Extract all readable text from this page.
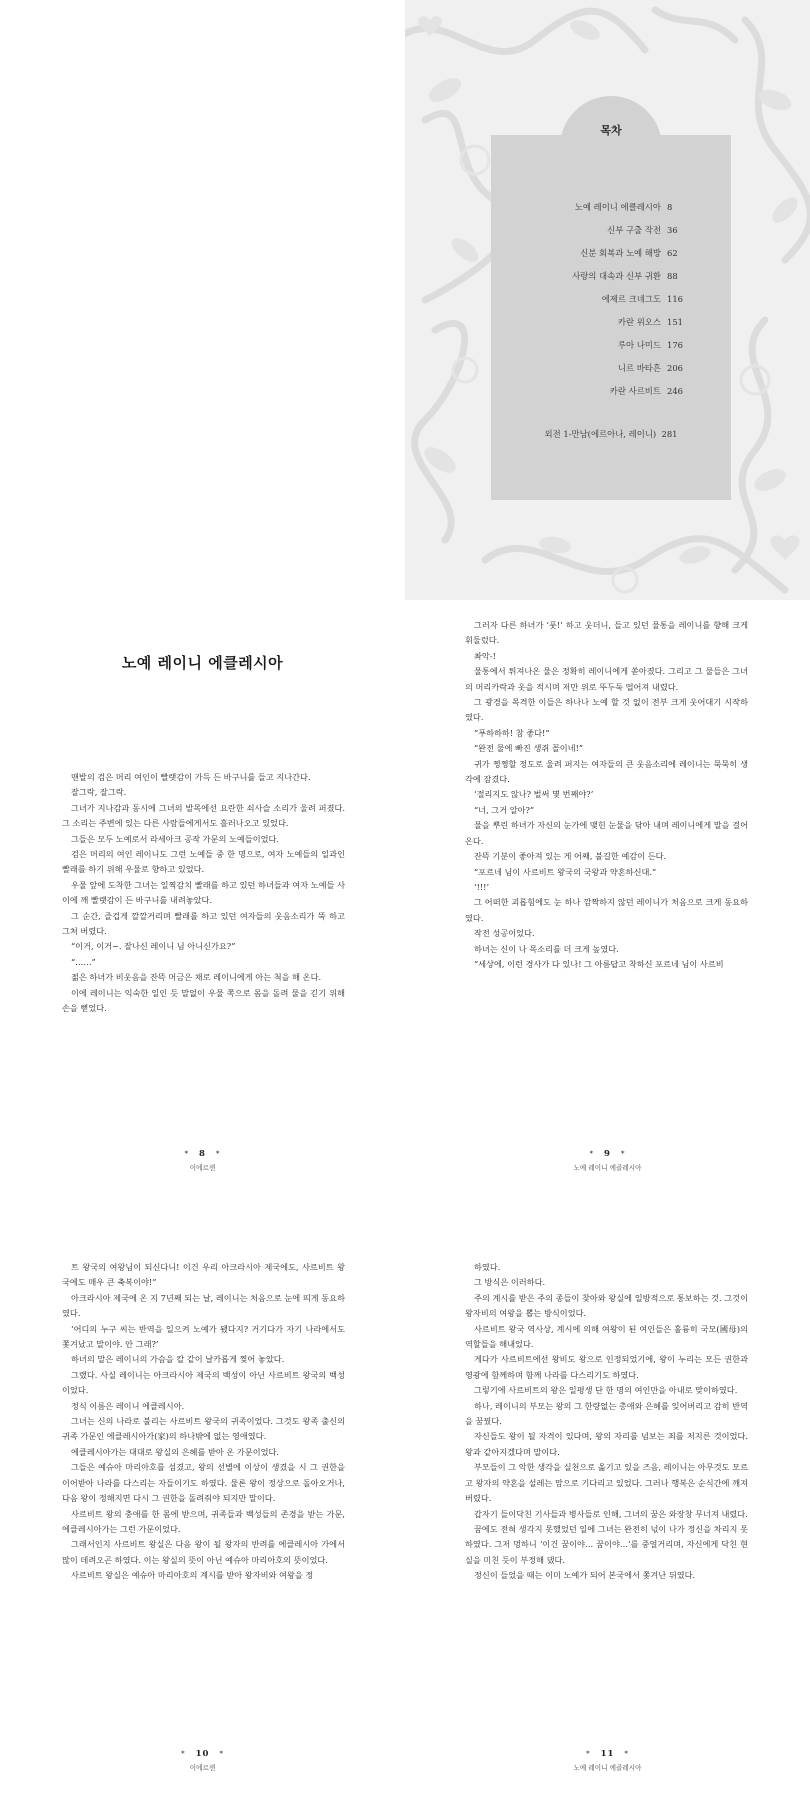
목차
노예 레이니 에클레시아 8
신부 구출 작전 36
신분 회복과 노예 해방 62
사랑의 대속과 신부 귀환 88
에제르 크네그도 116
카란 위오스 151
루아 나미드 176
니르 바타흔 206
카란 사르비트 246
외전 1-만남(에르아나, 레이니) 281
노예 레이니 에클레시아

맨발의 검은 머리 여인이 빨랫감이 가득 든 바구니를 들고 지나간다.

잘그락, 잘그락.

그녀가 지나감과 동시에 그녀의 발목에선 요란한 쇠사슬 소리가 울려 퍼졌다. 그 소리는 주변에 있는 다른 사람들에게서도 흘러나오고 있었다.

그들은 모두 노예로서 라세아크 공작 가문의 노예들이었다.

검은 머리의 여인 레이니도 그런 노예들 중 한 명으로, 여자 노예들의 일과인 빨래를 하기 위해 우물로 향하고 있었다.

우물 앞에 도착한 그녀는 일찍감치 빨래를 하고 있던 하녀들과 여자 노예들 사이에 깨 빨랫감이 든 바구니를 내려놓았다.

그 순간, 즐겁게 깔깔거리며 빨래를 하고 있던 여자들의 웃음소리가 뚝 하고 그쳐 버렸다.

“이거, 이거~. 잘나신 레이니 님 아니신가요?”

“……”

젊은 하녀가 비웃음을 잔뜩 머금은 채로 레이니에게 아는 척을 해 온다.

이에 레이니는 익숙한 일인 듯 말없이 우물 쪽으로 몸을 돌려 물을 긷기 위해 손을 뻗었다.

* 8 *
이에르샌

그러자 다른 하녀가 ‘풋!’ 하고 웃더니, 들고 있던 물통을 레이니를 향해 크게 휘둘렀다.

촤악-!

물통에서 튀져나온 물은 정확히 레이니에게 쏟아졌다. 그리고 그 물들은 그녀의 머리카락과 옷을 적시며 저만 위로 뚜두둑 떨어져 내렸다.

그 광경을 목격한 이들은 하나나 노예 할 것 없이 전부 크게 웃어대기 시작하였다.

“푸하하하! 참 좋다!”

“완전 물에 빠진 생쥐 꼴이네!”

귀가 쩡쩡할 정도로 울려 퍼지는 여자들의 큰 웃음소리에 레이니는 묵묵히 생각에 잠겼다.

‘절리지도 않나? 벌써 몇 번째야?’

“너, 그거 알아?”

물을 뿌린 하녀가 자신의 눈가에 맺힌 눈물을 닦아 내며 레이니에게 말을 걸어온다.

잔뜩 기분이 좋아져 있는 게 어째, 불길한 예감이 든다.

“포르네 님이 사르비트 왕국의 국왕과 약혼하신대.”

‘!!!’

그 어떠한 괴롭힘에도 눈 하나 깜짝하지 않던 레이니가 처음으로 크게 동요하였다.

작전 성공이었다.

하녀는 신이 나 목소리를 더 크게 높였다.

“세상에, 이런 경사가 다 있나! 그 아름답고 착하신 포르네 님이 사르비

* 9 *
노예 레이니 에클레시아

트 왕국의 여왕님이 되신다니! 이건 우리 아크라시아 제국에도, 사르비트 왕국에도 매우 큰 축복이야!”

아크라시아 제국에 온 지 7년째 되는 날, 레이니는 처음으로 눈에 띄게 동요하였다.

‘어디의 누구 씨는 반역을 일으켜 노예가 됐다지? 거기다가 자기 나라에서도 쫓겨났고 말이야. 안 그래?’

하녀의 말은 레이니의 가슴을 칼 같이 날카롭게 찢어 놓았다.

그랬다. 사실 레이니는 아크라시아 제국의 백성이 아닌 사르비트 왕국의 백성이었다.

정식 이름은 레이니 에클레시아.

그녀는 신의 나라로 불리는 사르비트 왕국의 귀족이었다. 그것도 왕족 출신의 귀족 가문인 에클레시아가(家)의 하나밖에 없는 영애였다.

에클레시아가는 대대로 왕실의 은혜를 받아 온 가문이었다.

그들은 예슈아 마리아호를 섬겼고, 왕의 선별에 이상이 생겼을 시 그 권한을 이어받아 나라를 다스리는 자들이기도 하였다. 물론 왕이 정상으로 돌아오거나, 다음 왕이 정해지면 다시 그 권한을 돌려줘야 되지만 말이다.

사르비트 왕의 충애를 한 몸에 받으며, 귀족들과 백성들의 존경을 받는 가문, 에클레시아가는 그런 가문이었다.

그래서인지 사르비트 왕실은 다음 왕이 될 왕자의 반려를 에클레시아 가에서 많이 데려오곤 하였다. 이는 왕실의 뜻이 아닌 예슈아 마리아호의 뜻이었다.

사르비트 왕실은 예슈아 마리아호의 계시를 받아 왕자비와 여왕을 정

* 10 *
이에르샌

하였다.

그 방식은 이러하다.

주의 계시를 받은 주의 종들이 찾아와 왕실에 일방적으로 통보하는 것. 그것이 왕자비의 여왕을 뽑는 방식이었다.

사르비트 왕국 역사상, 계시에 의해 여왕이 된 여인들은 훌륭히 국모(國母)의 역할들을 해내었다.

게다가 사르비트에선 왕비도 왕으로 인정되었기에, 왕이 누리는 모든 권한과 영광에 함께하며 함께 나라를 다스리기도 하였다.

그렇기에 사르비트의 왕은 일평생 단 한 명의 여인만을 아내로 맞이하였다.

하나, 레이니의 부모는 왕의 그 한량없는 총애와 은혜를 잊어버리고 감히 반역을 꿈꿨다.

자신들도 왕이 될 자격이 있다며, 왕의 자리를 넘보는 죄를 저지른 것이었다. 왕과 같아지겠다며 말이다.

부모들이 그 악한 생각을 실천으로 옮기고 있을 즈음, 레이니는 아무것도 모르고 왕자의 약혼을 설레는 맘으로 기다리고 있었다. 그러나 행복은 순식간에 깨져 버렸다.

갑자기 들이닥친 기사들과 병사들로 인해, 그녀의 꿈은 와장창 무너져 내렸다.

꿈에도 전혀 생각지 못했었던 일에 그녀는 완전히 넋이 나가 정신을 차리지 못하였다. 그저 멍하니 ‘이건 꿈이야… 꿈이야…’를 중얼거리며, 자신에게 닥친 현실을 미친 듯이 부정해 댔다.

정신이 들었을 때는 이미 노예가 되어 본국에서 쫓겨난 뒤였다.

* 11 *
노예 레이니 에클레시아
